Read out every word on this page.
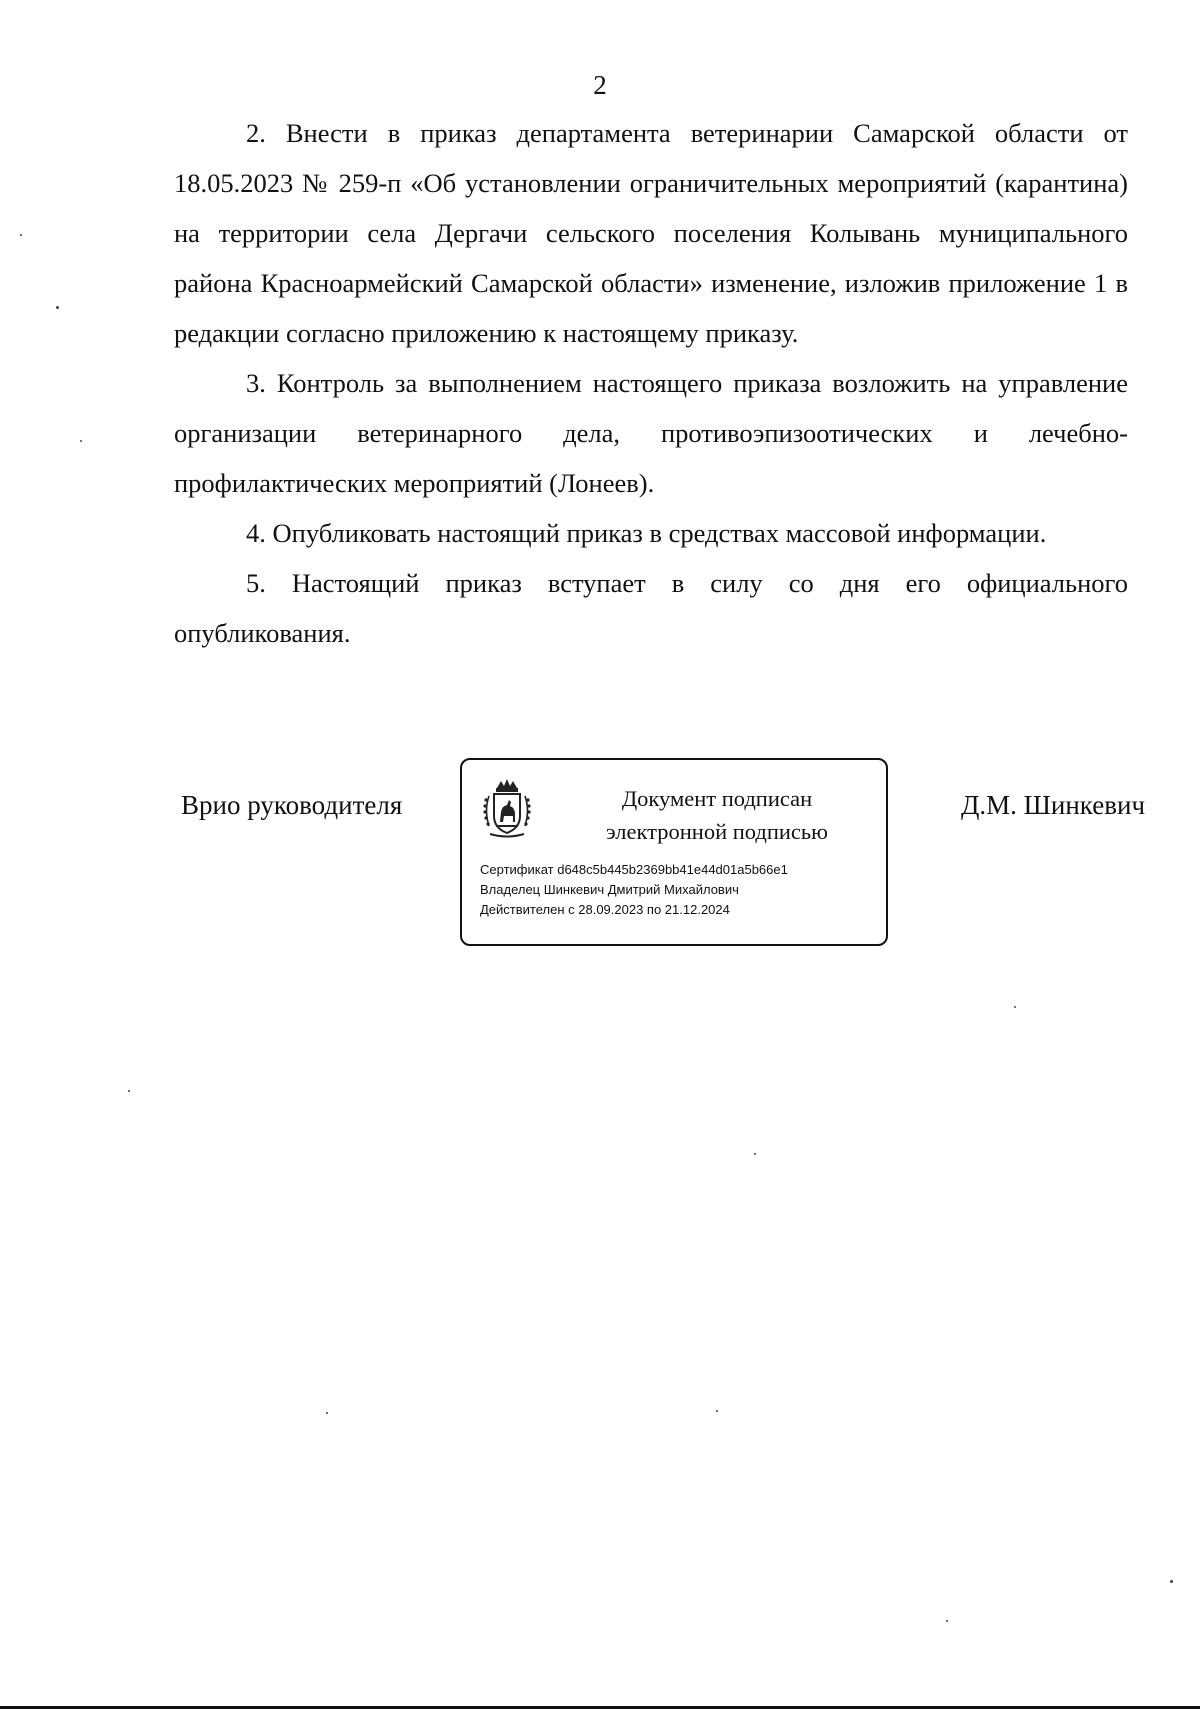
2

2. Внести в приказ департамента ветеринарии Самарской области от 18.05.2023 № 259-п «Об установлении ограничительных мероприятий (карантина) на территории села Дергачи сельского поселения Колывань муниципального района Красноармейский Самарской области» изменение, изложив приложение 1 в редакции согласно приложению к настоящему приказу.

3. Контроль за выполнением настоящего приказа возложить на управление организации ветеринарного дела, противоэпизоотических и лечебно-профилактических мероприятий (Лонеев).

4. Опубликовать настоящий приказ в средствах массовой информации.

5. Настоящий приказ вступает в силу со дня его официального опубликования.

Врио руководителя	Документ подписан
электронной подписью
Сертификат d648c5b445b2369bb41e44d01a5b66e1
Владелец Шинкевич Дмитрий Михайлович
Действителен с 28.09.2023 по 21.12.2024
Д.М. Шинкевич
